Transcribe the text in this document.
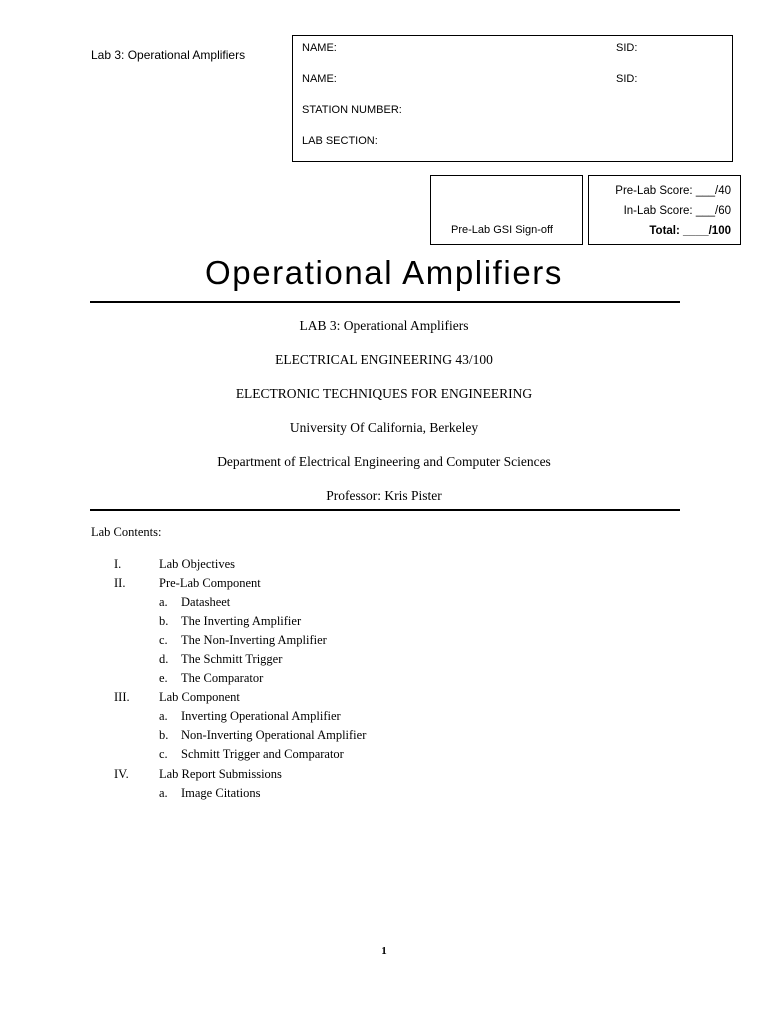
Lab 3: Operational Amplifiers	NAME:	SID:
NAME:	SID:
STATION NUMBER:
LAB SECTION:
Pre-Lab GSI Sign-off
Pre-Lab Score: ___/40
In-Lab Score: ___/60
Total: ____/100
Operational Amplifiers
LAB 3: Operational Amplifiers
ELECTRICAL ENGINEERING 43/100
ELECTRONIC TECHNIQUES FOR ENGINEERING
University Of California, Berkeley
Department of Electrical Engineering and Computer Sciences
Professor: Kris Pister
Lab Contents:
I.	Lab Objectives
II.	Pre-Lab Component
a. Datasheet
b. The Inverting Amplifier
c. The Non-Inverting Amplifier
d. The Schmitt Trigger
e. The Comparator
III. Lab Component
a. Inverting Operational Amplifier
b. Non-Inverting Operational Amplifier
c. Schmitt Trigger and Comparator
IV. Lab Report Submissions
a. Image Citations
1
